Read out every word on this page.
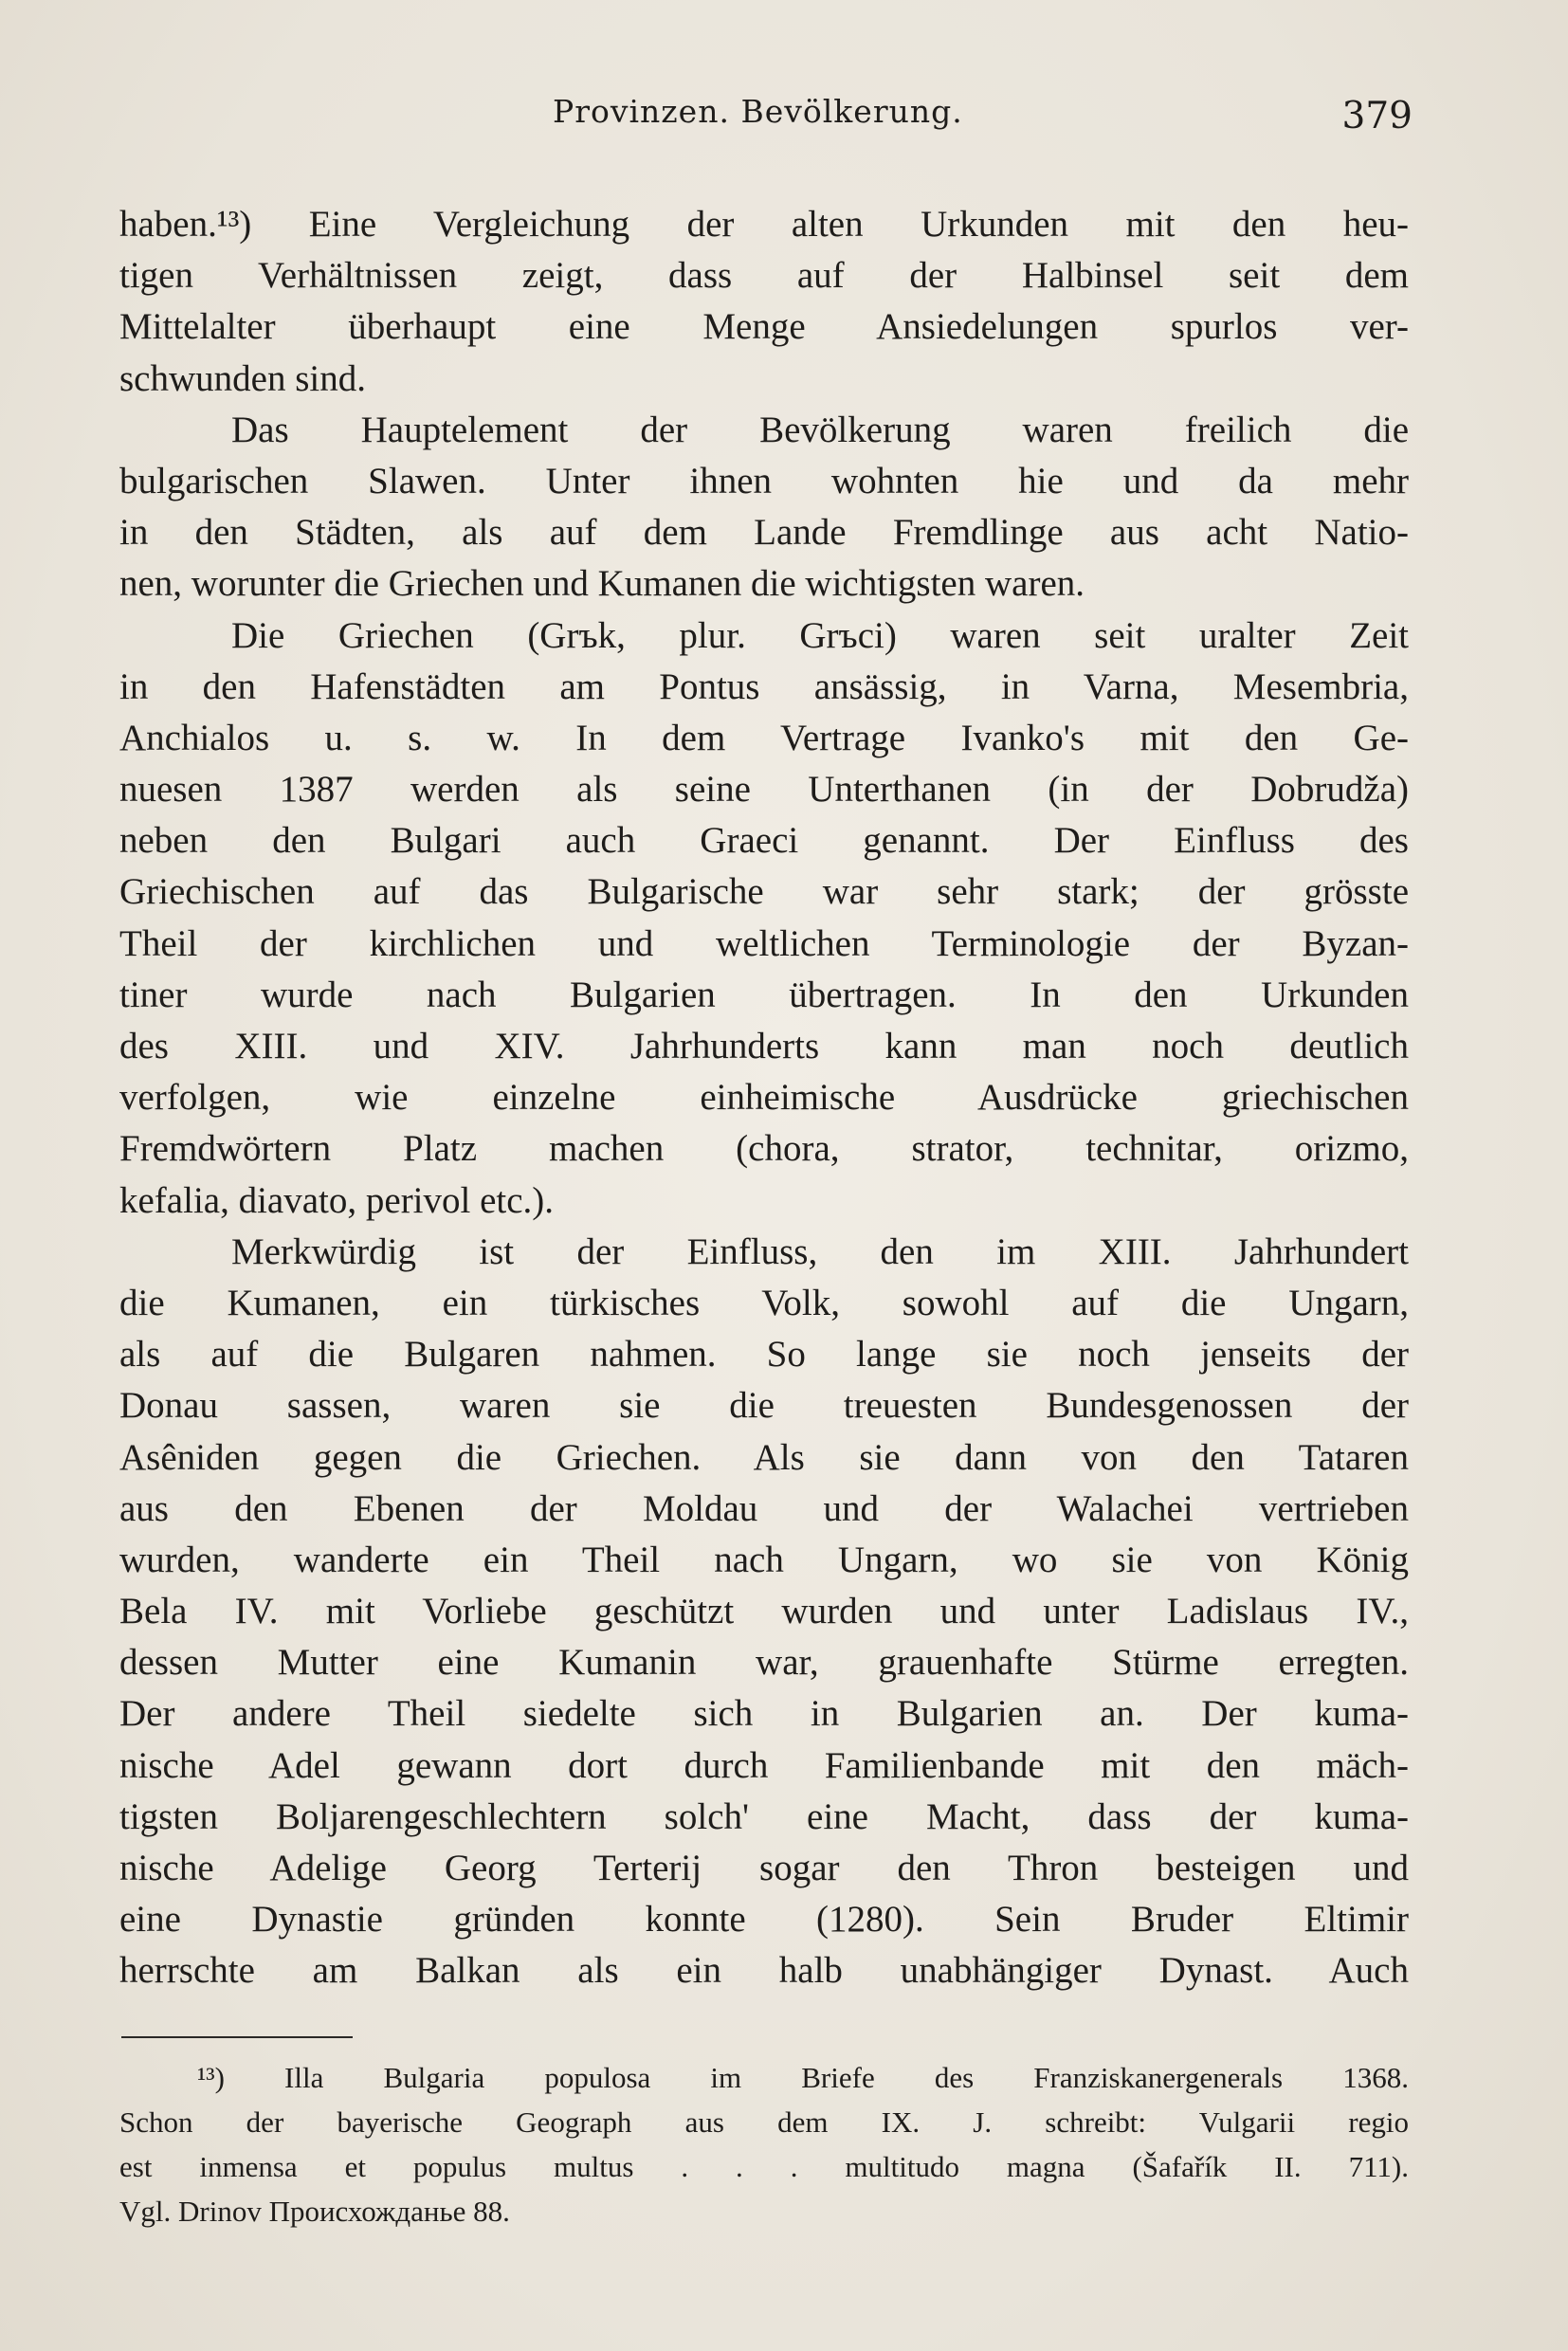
Provinzen. Bevölkerung.	379
haben.¹³) Eine Vergleichung der alten Urkunden mit den heu-
tigen Verhältnissen zeigt, dass auf der Halbinsel seit dem
Mittelalter überhaupt eine Menge Ansiedelungen spurlos ver-
schwunden sind.
Das Hauptelement der Bevölkerung waren freilich die
bulgarischen Slawen. Unter ihnen wohnten hie und da mehr
in den Städten, als auf dem Lande Fremdlinge aus acht Natio-
nen, worunter die Griechen und Kumanen die wichtigsten waren.
Die Griechen (Grъk, plur. Grъci) waren seit uralter Zeit
in den Hafenstädten am Pontus ansässig, in Varna, Mesembria,
Anchialos u. s. w. In dem Vertrage Ivanko's mit den Ge-
nuesen 1387 werden als seine Unterthanen (in der Dobrudža)
neben den Bulgari auch Graeci genannt. Der Einfluss des
Griechischen auf das Bulgarische war sehr stark; der grösste
Theil der kirchlichen und weltlichen Terminologie der Byzan-
tiner wurde nach Bulgarien übertragen. In den Urkunden
des XIII. und XIV. Jahrhunderts kann man noch deutlich
verfolgen, wie einzelne einheimische Ausdrücke griechischen
Fremdwörtern Platz machen (chora, strator, technitar, orizmo,
kefalia, diavato, perivol etc.).
Merkwürdig ist der Einfluss, den im XIII. Jahrhundert
die Kumanen, ein türkisches Volk, sowohl auf die Ungarn,
als auf die Bulgaren nahmen. So lange sie noch jenseits der
Donau sassen, waren sie die treuesten Bundesgenossen der
Asêniden gegen die Griechen. Als sie dann von den Tataren
aus den Ebenen der Moldau und der Walachei vertrieben
wurden, wanderte ein Theil nach Ungarn, wo sie von König
Bela IV. mit Vorliebe geschützt wurden und unter Ladislaus IV.,
dessen Mutter eine Kumanin war, grauenhafte Stürme erregten.
Der andere Theil siedelte sich in Bulgarien an. Der kuma-
nische Adel gewann dort durch Familienbande mit den mäch-
tigsten Boljarengeschlechtern solch' eine Macht, dass der kuma-
nische Adelige Georg Terterij sogar den Thron besteigen und
eine Dynastie gründen konnte (1280). Sein Bruder Eltimir
herrschte am Balkan als ein halb unabhängiger Dynast. Auch
¹³) Illa Bulgaria populosa im Briefe des Franziskanergenerals 1368.
Schon der bayerische Geograph aus dem IX. J. schreibt: Vulgarii regio
est inmensa et populus multus . . . multitudo magna (Šafařík II. 711).
Vgl. Drinov Происхожданье 88.
